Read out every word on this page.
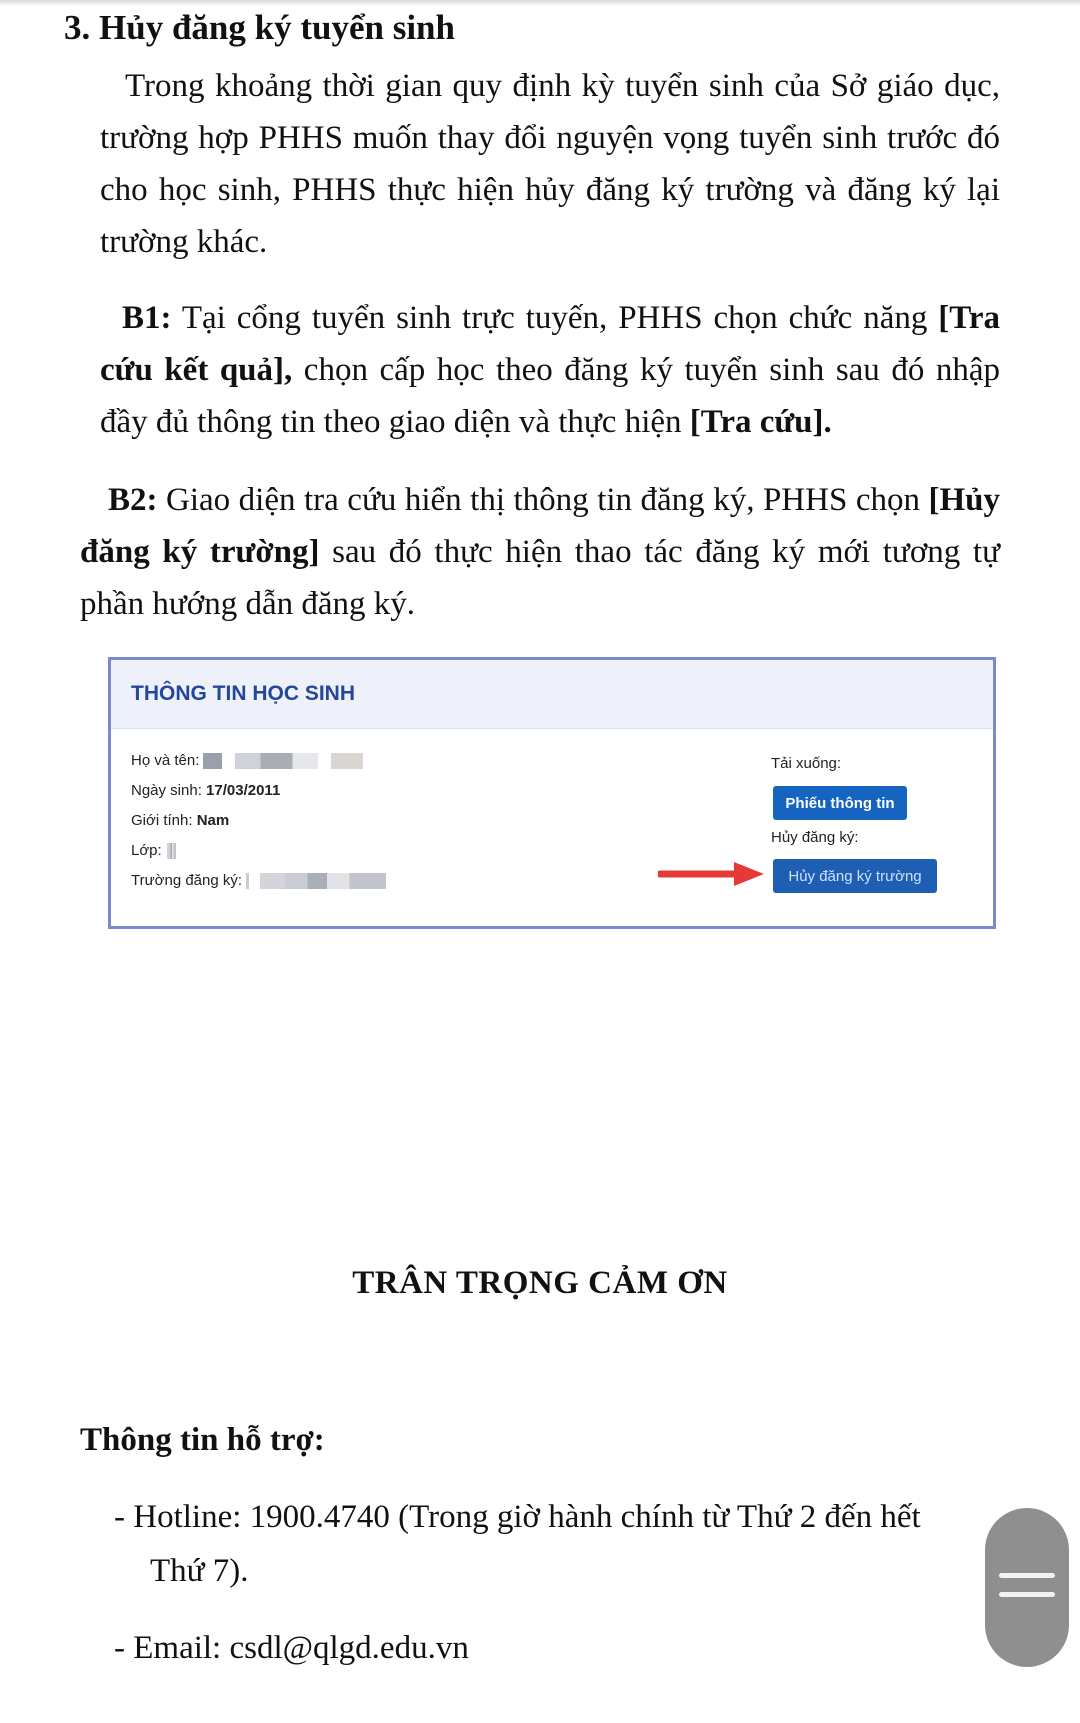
3. Hủy đăng ký tuyển sinh
Trong khoảng thời gian quy định kỳ tuyển sinh của Sở giáo dục, trường hợp PHHS muốn thay đổi nguyện vọng tuyển sinh trước đó cho học sinh, PHHS thực hiện hủy đăng ký trường và đăng ký lại trường khác.
B1: Tại cổng tuyển sinh trực tuyến, PHHS chọn chức năng [Tra cứu kết quả], chọn cấp học theo đăng ký tuyển sinh sau đó nhập đầy đủ thông tin theo giao diện và thực hiện [Tra cứu].
B2: Giao diện tra cứu hiển thị thông tin đăng ký, PHHS chọn [Hủy đăng ký trường] sau đó thực hiện thao tác đăng ký mới tương tự phần hướng dẫn đăng ký.
THÔNG TIN HỌC SINH
Họ và tên:
Ngày sinh: 17/03/2011
Giới tính: Nam
Lớp:
Trường đăng ký:
Tải xuống:
Phiếu thông tin
Hủy đăng ký:
Hủy đăng ký trường
TRÂN TRỌNG CẢM ƠN
Thông tin hỗ trợ:
- Hotline: 1900.4740 (Trong giờ hành chính từ Thứ 2 đến hết
Thứ 7).
- Email: csdl@qlgd.edu.vn
